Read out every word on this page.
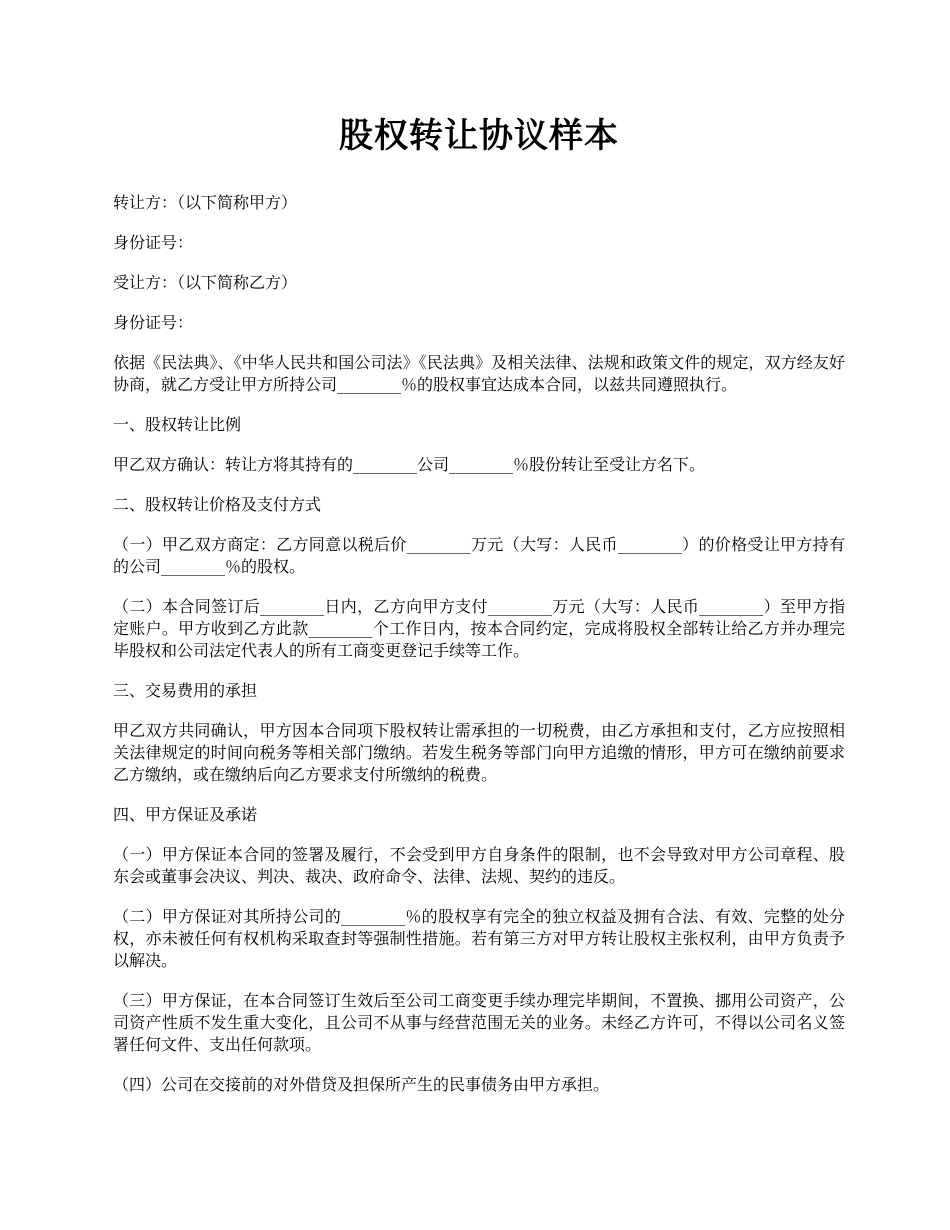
股权转让协议样本

转让方：（以下简称甲方）

身份证号：

受让方：（以下简称乙方）

身份证号：

依据《民法典》、《中华人民共和国公司法》《民法典》及相关法律、法规和政策文件的规定，双方经友好协商，就乙方受让甲方所持公司________％的股权事宜达成本合同，以兹共同遵照执行。

一、股权转让比例

甲乙双方确认：转让方将其持有的________公司________％股份转让至受让方名下。

二、股权转让价格及支付方式

（一）甲乙双方商定：乙方同意以税后价________万元（大写：人民币________）的价格受让甲方持有的公司________％的股权。

（二）本合同签订后________日内，乙方向甲方支付________万元（大写：人民币________）至甲方指定账户。甲方收到乙方此款________个工作日内，按本合同约定，完成将股权全部转让给乙方并办理完毕股权和公司法定代表人的所有工商变更登记手续等工作。

三、交易费用的承担

甲乙双方共同确认，甲方因本合同项下股权转让需承担的一切税费，由乙方承担和支付，乙方应按照相关法律规定的时间向税务等相关部门缴纳。若发生税务等部门向甲方追缴的情形，甲方可在缴纳前要求乙方缴纳，或在缴纳后向乙方要求支付所缴纳的税费。

四、甲方保证及承诺

（一）甲方保证本合同的签署及履行，不会受到甲方自身条件的限制，也不会导致对甲方公司章程、股东会或董事会决议、判决、裁决、政府命令、法律、法规、契约的违反。

（二）甲方保证对其所持公司的________％的股权享有完全的独立权益及拥有合法、有效、完整的处分权，亦未被任何有权机构采取查封等强制性措施。若有第三方对甲方转让股权主张权利，由甲方负责予以解决。

（三）甲方保证，在本合同签订生效后至公司工商变更手续办理完毕期间，不置换、挪用公司资产，公司资产性质不发生重大变化，且公司不从事与经营范围无关的业务。未经乙方许可，不得以公司名义签署任何文件、支出任何款项。

（四）公司在交接前的对外借贷及担保所产生的民事债务由甲方承担。
